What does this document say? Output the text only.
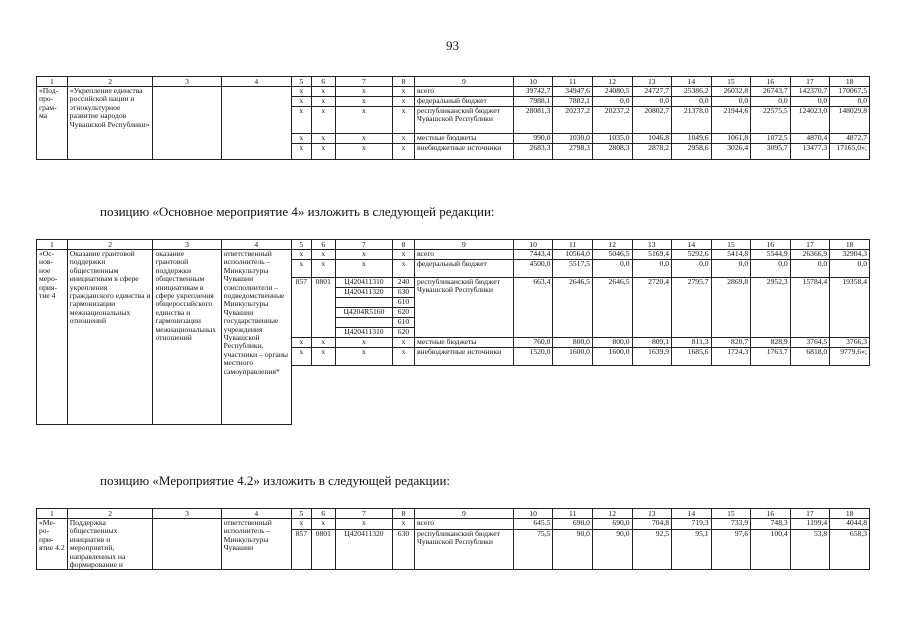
93
1	2	3	4	5	6	7	8	9	10	11	12	13	14	15	16	17	18
«Под- про- грам- ма	«Укрепление единства российской нации и этнокультурное развитие народов Чувашской Республики»			x	x	x	x	всего	39742,7	34947,6	24080,5	24727,7	25386,2	26032,8	26743,7	142370,7	170067,5
				x	x	x	x	федеральный бюджет	7988,1	7882,1	0,0	0,0	0,0	0,0	0,0	0,0	0,0
				x	x	x	x	республиканский бюджет Чувашской Республики	28081,3	20237,2	20237,2	20802,7	21378,0	21944,6	22575,5	124023,0	148029,8
				x	x	x	x	местные бюджеты	990,0	1030,0	1035,0	1046,8	1049,6	1061,8	1072,5	4870,4	4872,7
				x	x	x	x	внебюджетные источники	2683,3	2798,3	2808,3	2878,2	2958,6	3026,4	3095,7	13477,3	17165,0»;
позицию «Основное мероприятие 4» изложить в следующей редакции:
1	2	3	4	5	6	7	8	9	10	11	12	13	14	15	16	17	18
«Ос- нов- ное меро- прия- тие 4	Оказание грантовой поддержки общественным инициативам в сфере укрепления гражданского единства и гармонизации межнациональных отношений	оказание грантовой поддержки общественным инициативам в сфере укрепления общероссийского единства и гармонизации межнациональных отношений	ответственный исполнитель – Минкультуры Чувашии соисполнители – подведомственные Минкультуры Чувашии государственные учреждения Чувашской Республики, участники – органы местного самоуправления*	x	x	x	x	всего	7443,4	10564,0	5046,5	5169,4	5292,6	5414,8	5544,9	26366,9	32904,3
				x	x	x	x	федеральный бюджет	4500,0	5517,5	0,0	0,0	0,0	0,0	0,0	0,0	0,0
				857	0801	Ц420411310	240	республиканский бюджет Чувашской Республики	663,4	2646,5	2646,5	2720,4	2795,7	2869,8	2952,3	15784,4	19358,4
						Ц420411320	630										
							610										
						Ц4204R5160	620										
							610										
						Ц420411310	620										
				x	x	x	x	местные бюджеты	760,0	800,0	800,0	809,1	811,3	820,7	828,9	3764,5	3766,3
				x	x	x	x	внебюджетные источники	1520,0	1600,0	1600,0	1639,9	1685,6	1724,3	1763,7	6818,0	9779,6»;

позицию «Мероприятие 4.2» изложить в следующей редакции:
1	2	3	4	5	6	7	8	9	10	11	12	13	14	15	16	17	18
«Ме- ро- при- ятие 4.2	Поддержка общественных инициатив и мероприятий, направленных на формирование и		ответственный исполнитель – Минкультуры Чувашии	x	x	x	x	всего	645,5	690,0	690,0	704,8	719,3	733,9	748,3	1199,4	4044,8
				857	0801	Ц420411320	630	республиканский бюджет Чувашской Республики	75,5	90,0	90,0	92,5	95,1	97,6	100,4	53,8	658,3
